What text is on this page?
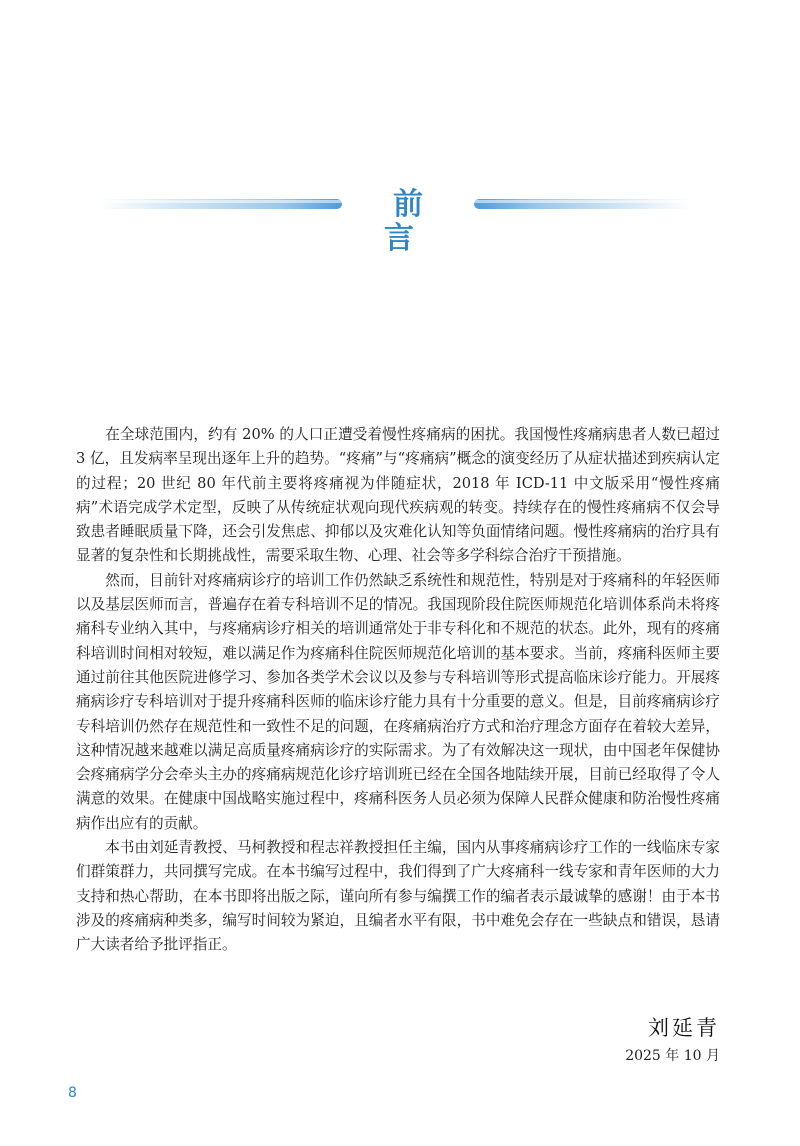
前 言

在全球范围内，约有 20% 的人口正遭受着慢性疼痛病的困扰。我国慢性疼痛病患者人数已超过 3 亿，且发病率呈现出逐年上升的趋势。“疼痛”与“疼痛病”概念的演变经历了从症状描述到疾病认定的过程；20 世纪 80 年代前主要将疼痛视为伴随症状，2018 年 ICD-11 中文版采用“慢性疼痛病”术语完成学术定型，反映了从传统症状观向现代疾病观的转变。持续存在的慢性疼痛病不仅会导致患者睡眠质量下降，还会引发焦虑、抑郁以及灾难化认知等负面情绪问题。慢性疼痛病的治疗具有显著的复杂性和长期挑战性，需要采取生物、心理、社会等多学科综合治疗干预措施。

然而，目前针对疼痛病诊疗的培训工作仍然缺乏系统性和规范性，特别是对于疼痛科的年轻医师以及基层医师而言，普遍存在着专科培训不足的情况。我国现阶段住院医师规范化培训体系尚未将疼痛科专业纳入其中，与疼痛病诊疗相关的培训通常处于非专科化和不规范的状态。此外，现有的疼痛科培训时间相对较短，难以满足作为疼痛科住院医师规范化培训的基本要求。当前，疼痛科医师主要通过前往其他医院进修学习、参加各类学术会议以及参与专科培训等形式提高临床诊疗能力。开展疼痛病诊疗专科培训对于提升疼痛科医师的临床诊疗能力具有十分重要的意义。但是，目前疼痛病诊疗专科培训仍然存在规范性和一致性不足的问题，在疼痛病治疗方式和治疗理念方面存在着较大差异，这种情况越来越难以满足高质量疼痛病诊疗的实际需求。为了有效解决这一现状，由中国老年保健协会疼痛病学分会牵头主办的疼痛病规范化诊疗培训班已经在全国各地陆续开展，目前已经取得了令人满意的效果。在健康中国战略实施过程中，疼痛科医务人员必须为保障人民群众健康和防治慢性疼痛病作出应有的贡献。

本书由刘延青教授、马柯教授和程志祥教授担任主编，国内从事疼痛病诊疗工作的一线临床专家们群策群力，共同撰写完成。在本书编写过程中，我们得到了广大疼痛科一线专家和青年医师的大力支持和热心帮助，在本书即将出版之际，谨向所有参与编撰工作的编者表示最诚挚的感谢！由于本书涉及的疼痛病种类多，编写时间较为紧迫，且编者水平有限，书中难免会存在一些缺点和错误，恳请广大读者给予批评指正。

刘延青
2025 年 10 月
8
